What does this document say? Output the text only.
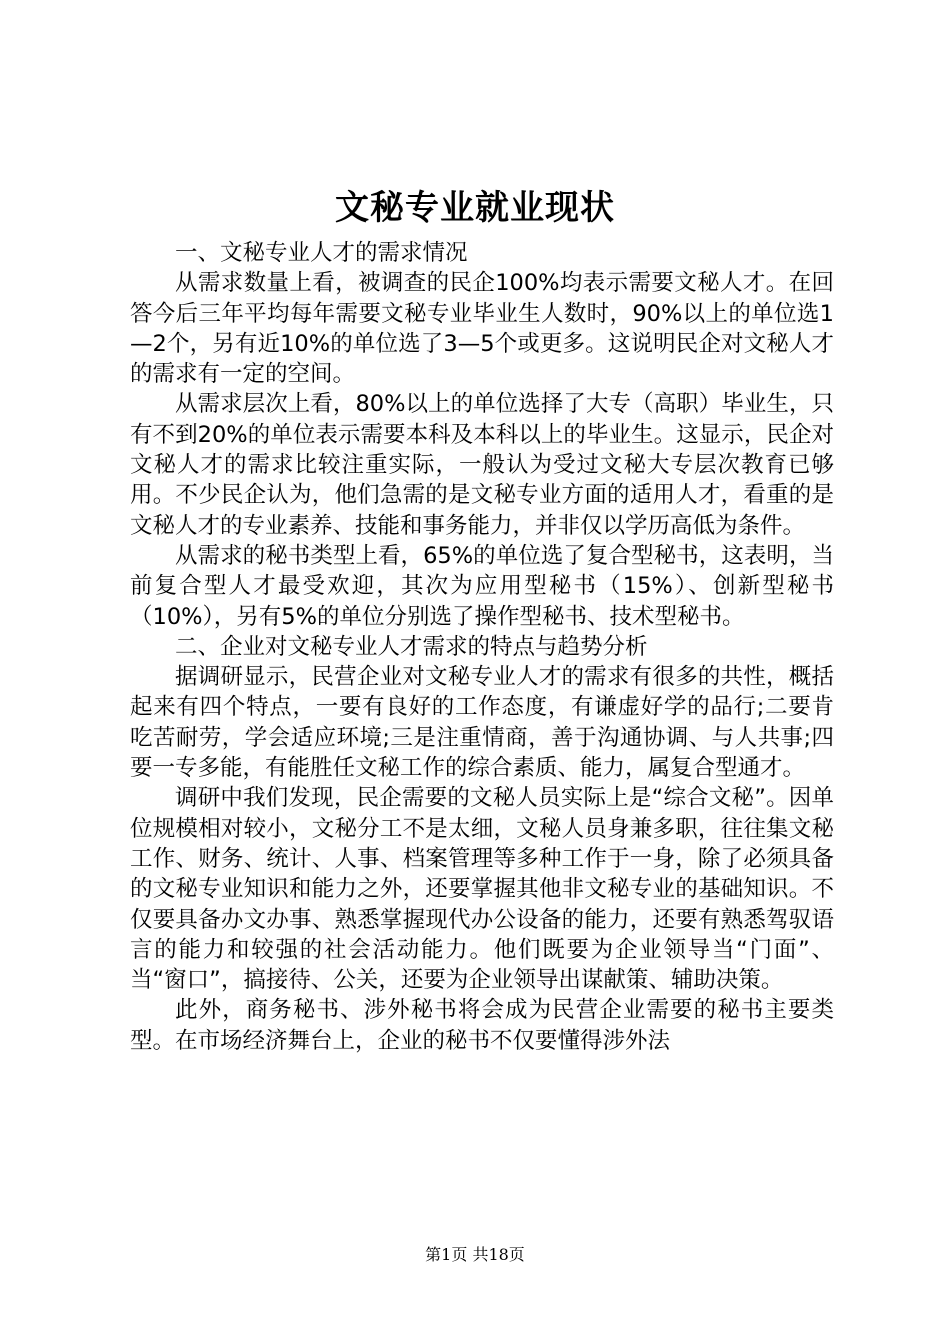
文秘专业就业现状

一、文秘专业人才的需求情况

从需求数量上看，被调查的民企100%均表示需要文秘人才。在回答今后三年平均每年需要文秘专业毕业生人数时，90%以上的单位选1—2个，另有近10%的单位选了3—5个或更多。这说明民企对文秘人才的需求有一定的空间。

从需求层次上看，80%以上的单位选择了大专（高职）毕业生，只有不到20%的单位表示需要本科及本科以上的毕业生。这显示，民企对文秘人才的需求比较注重实际，一般认为受过文秘大专层次教育已够用。不少民企认为，他们急需的是文秘专业方面的适用人才，看重的是文秘人才的专业素养、技能和事务能力，并非仅以学历高低为条件。

从需求的秘书类型上看，65%的单位选了复合型秘书，这表明，当前复合型人才最受欢迎，其次为应用型秘书（15%）、创新型秘书（10%），另有5%的单位分别选了操作型秘书、技术型秘书。

二、企业对文秘专业人才需求的特点与趋势分析

据调研显示，民营企业对文秘专业人才的需求有很多的共性，概括起来有四个特点，一要有良好的工作态度，有谦虚好学的品行;二要肯吃苦耐劳，学会适应环境;三是注重情商，善于沟通协调、与人共事;四要一专多能，有能胜任文秘工作的综合素质、能力，属复合型通才。

调研中我们发现，民企需要的文秘人员实际上是“综合文秘”。因单位规模相对较小，文秘分工不是太细，文秘人员身兼多职，往往集文秘工作、财务、统计、人事、档案管理等多种工作于一身，除了必须具备的文秘专业知识和能力之外，还要掌握其他非文秘专业的基础知识。不仅要具备办文办事、熟悉掌握现代办公设备的能力，还要有熟悉驾驭语言的能力和较强的社会活动能力。他们既要为企业领导当“门面”、当“窗口”，搞接待、公关，还要为企业领导出谋献策、辅助决策。

此外，商务秘书、涉外秘书将会成为民营企业需要的秘书主要类型。在市场经济舞台上，企业的秘书不仅要懂得涉外法

第1页 共18页
